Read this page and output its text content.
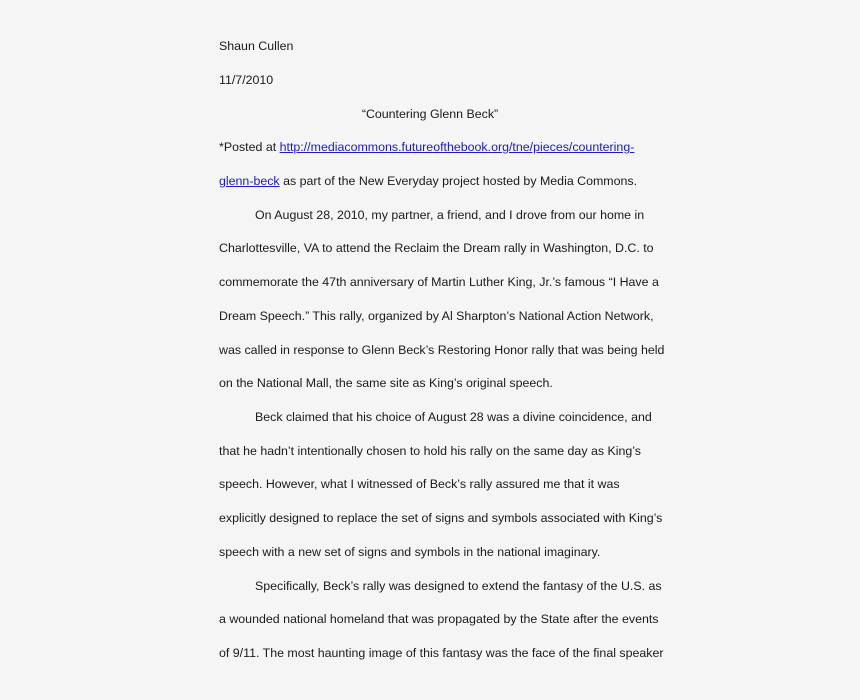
Shaun Cullen
11/7/2010
“Countering Glenn Beck”
*Posted at http://mediacommons.futureofthebook.org/tne/pieces/countering-
glenn-beck as part of the New Everyday project hosted by Media Commons.
On August 28, 2010, my partner, a friend, and I drove from our home in
Charlottesville, VA to attend the Reclaim the Dream rally in Washington, D.C. to
commemorate the 47th anniversary of Martin Luther King, Jr.’s famous “I Have a
Dream Speech.” This rally, organized by Al Sharpton’s National Action Network,
was called in response to Glenn Beck’s Restoring Honor rally that was being held
on the National Mall, the same site as King’s original speech.
Beck claimed that his choice of August 28 was a divine coincidence, and
that he hadn’t intentionally chosen to hold his rally on the same day as King’s
speech. However, what I witnessed of Beck’s rally assured me that it was
explicitly designed to replace the set of signs and symbols associated with King’s
speech with a new set of signs and symbols in the national imaginary.
Specifically, Beck’s rally was designed to extend the fantasy of the U.S. as
a wounded national homeland that was propagated by the State after the events
of 9/11. The most haunting image of this fantasy was the face of the final speaker
